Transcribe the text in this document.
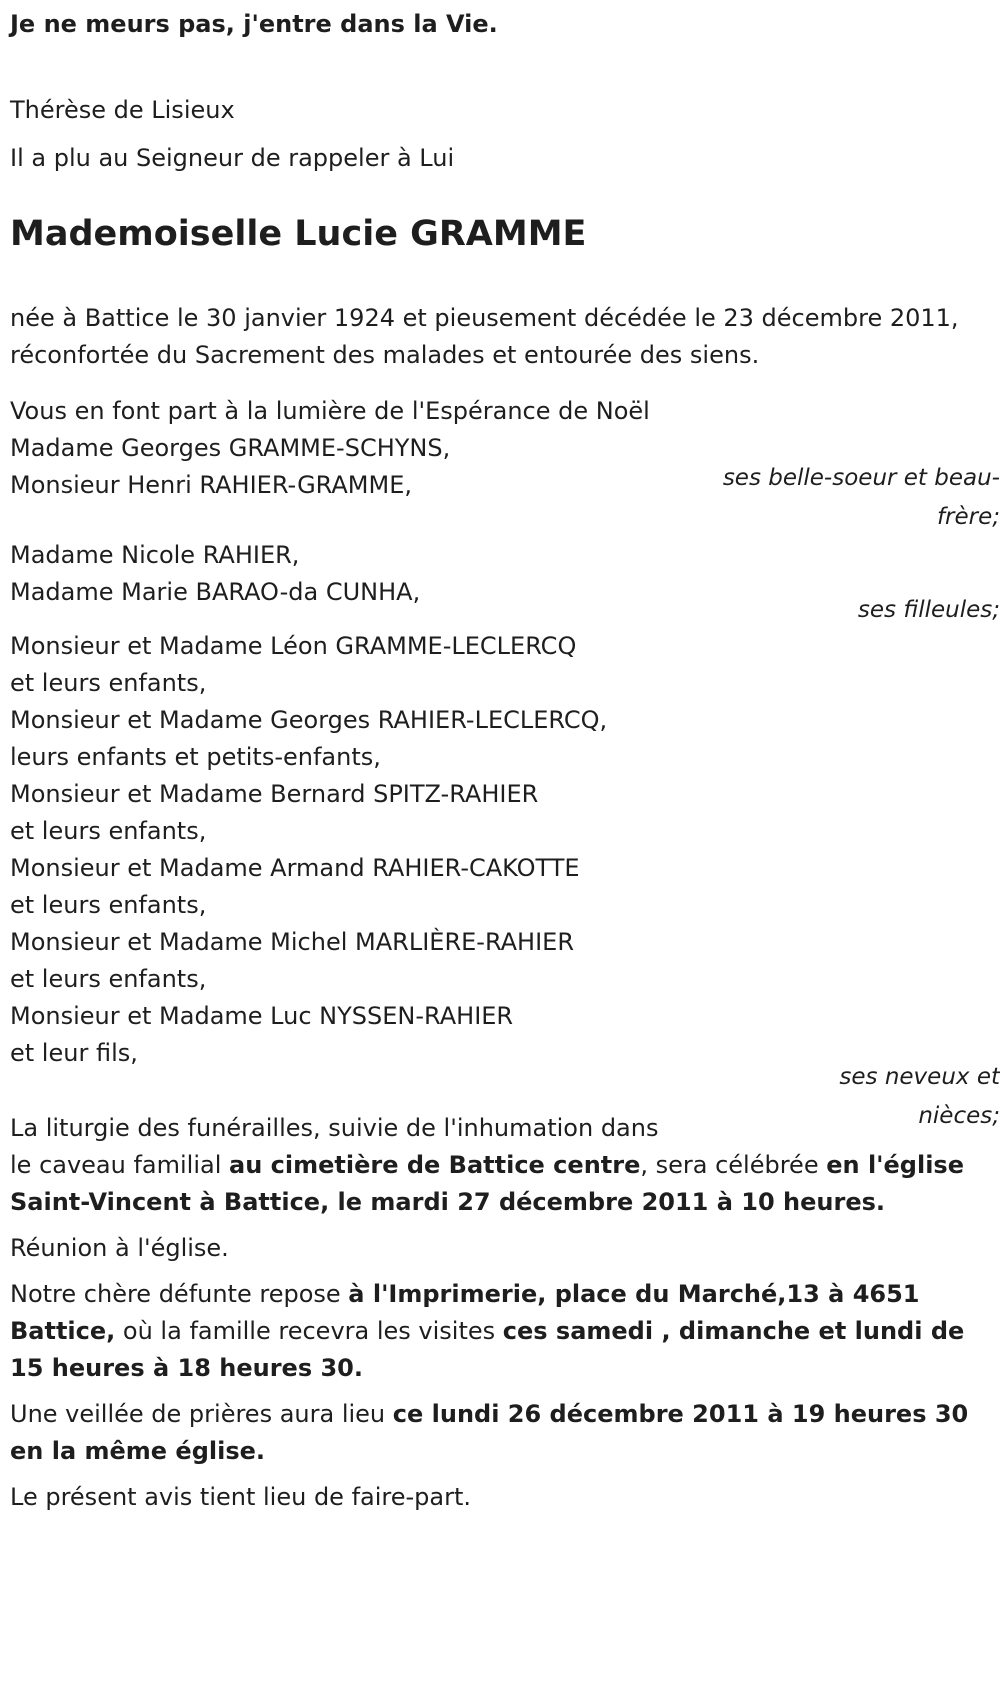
Je ne meurs pas, j'entre dans la Vie.

Thérèse de Lisieux

Il a plu au Seigneur de rappeler à Lui

Mademoiselle Lucie GRAMME

née à Battice le 30 janvier 1924 et pieusement décédée le 23 décembre 2011, réconfortée du Sacrement des malades et entourée des siens.

Vous en font part à la lumière de l'Espérance de Noël

Madame Georges GRAMME-SCHYNS,

Monsieur Henri RAHIER-GRAMME,	ses belle-soeur et beau-frère;

Madame Nicole RAHIER,

Madame Marie BARAO-da CUNHA,

ses filleules;

Monsieur et Madame Léon GRAMME-LECLERCQ

et leurs enfants,

Monsieur et Madame Georges RAHIER-LECLERCQ,

leurs enfants et petits-enfants,

Monsieur et Madame Bernard SPITZ-RAHIER

et leurs enfants,

Monsieur et Madame Armand RAHIER-CAKOTTE

et leurs enfants,

Monsieur et Madame Michel MARLIÈRE-RAHIER

et leurs enfants,

Monsieur et Madame Luc NYSSEN-RAHIER

et leur fils,

ses neveux et nièces;

La liturgie des funérailles, suivie de l'inhumation dans
le caveau familial au cimetière de Battice centre, sera célébrée en l'église Saint-Vincent à Battice, le mardi 27 décembre 2011 à 10 heures.

Réunion à l'église.

Notre chère défunte repose à l'Imprimerie, place du Marché,13 à 4651 Battice, où la famille recevra les visites ces samedi , dimanche et lundi de 15 heures à 18 heures 30.

Une veillée de prières aura lieu ce lundi 26 décembre 2011 à 19 heures 30 en la même église.

Le présent avis tient lieu de faire-part.
